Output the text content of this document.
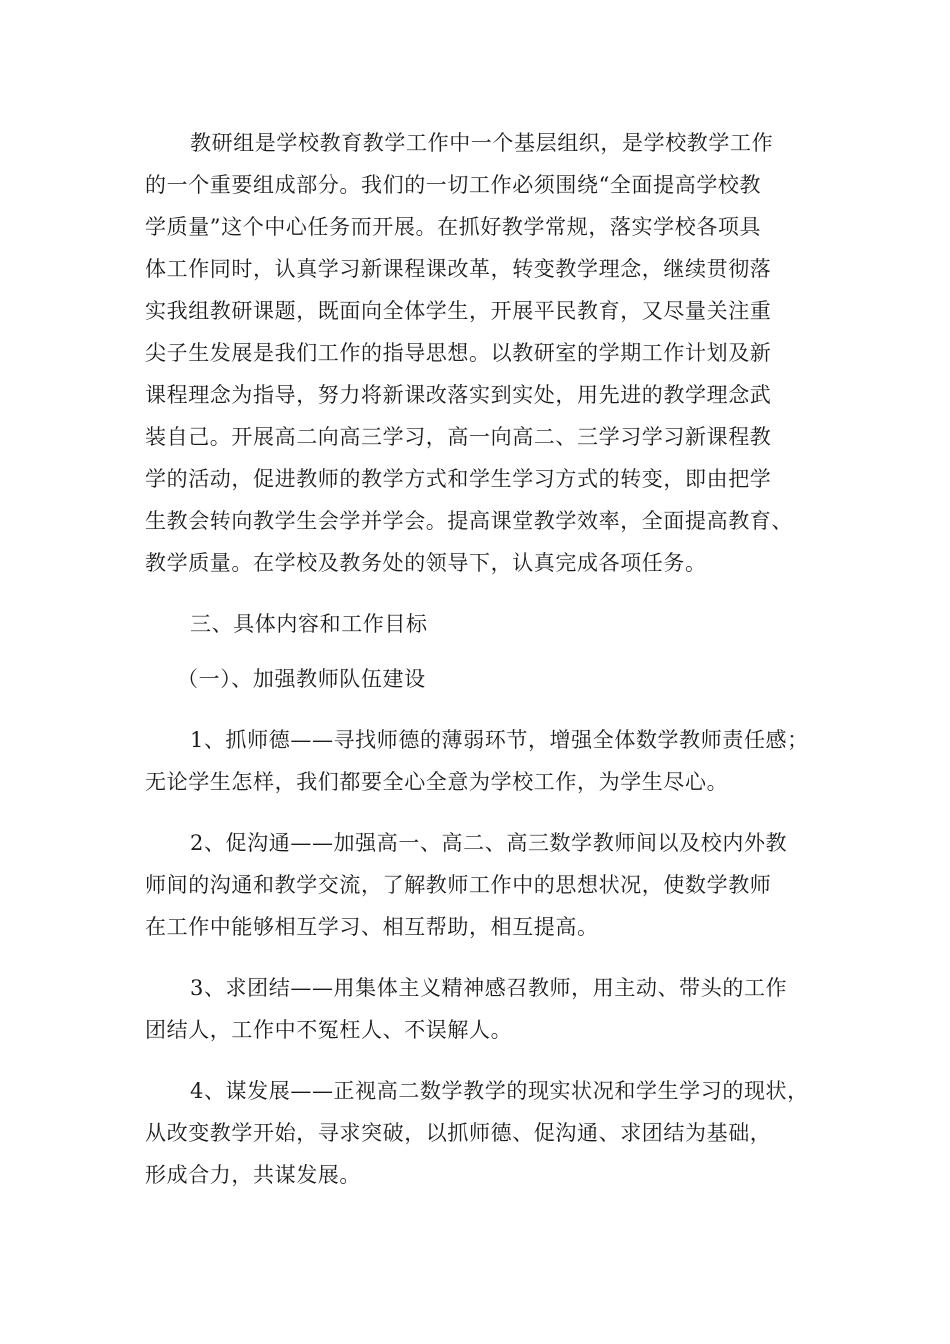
教研组是学校教育教学工作中一个基层组织，是学校教学工作
的一个重要组成部分。我们的一切工作必须围绕“全面提高学校教
学质量”这个中心任务而开展。在抓好教学常规，落实学校各项具
体工作同时，认真学习新课程课改革，转变教学理念，继续贯彻落
实我组教研课题，既面向全体学生，开展平民教育，又尽量关注重
尖子生发展是我们工作的指导思想。以教研室的学期工作计划及新
课程理念为指导，努力将新课改落实到实处，用先进的教学理念武
装自己。开展高二向高三学习，高一向高二、三学习学习新课程教
学的活动，促进教师的教学方式和学生学习方式的转变，即由把学
生教会转向教学生会学并学会。提高课堂教学效率，全面提高教育、
教学质量。在学校及教务处的领导下，认真完成各项任务。
三、具体内容和工作目标
（一）、加强教师队伍建设
1、抓师德——寻找师德的薄弱环节，增强全体数学教师责任感；
无论学生怎样，我们都要全心全意为学校工作，为学生尽心。
2、促沟通——加强高一、高二、高三数学教师间以及校内外教
师间的沟通和教学交流，了解教师工作中的思想状况，使数学教师
在工作中能够相互学习、相互帮助，相互提高。
3、求团结——用集体主义精神感召教师，用主动、带头的工作
团结人，工作中不冤枉人、不误解人。
4、谋发展——正视高二数学教学的现实状况和学生学习的现状，
从改变教学开始，寻求突破，以抓师德、促沟通、求团结为基础，
形成合力，共谋发展。
